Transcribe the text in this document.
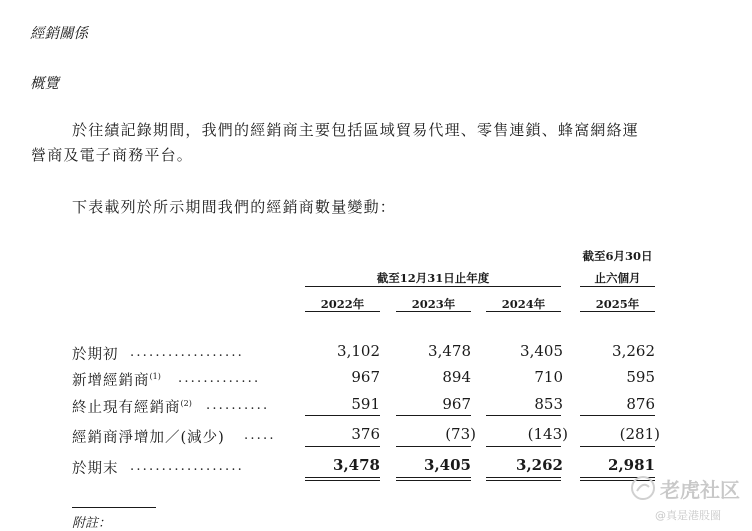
經銷關係
概覽
於往績記錄期間，我們的經銷商主要包括區域貿易代理、零售連鎖、蜂窩網絡運
營商及電子商務平台。
下表載列於所示期間我們的經銷商數量變動：
截至12月31日止年度
截至6月30日
止六個月
2022年	2023年	2024年	2025年
於期初 ..................	3,102	3,478	3,405	3,262
新增經銷商$^{(1)}$ .............	967	894	710	595
終止現有經銷商$^{(2)}$ ..........	591	967	853	876
經銷商淨增加／(減少) .....	376	(73)	(143)	(281)
於期末 ..................	3,478	3,405	3,262	2,981
附註：
老虎社区
@真是港股圈
